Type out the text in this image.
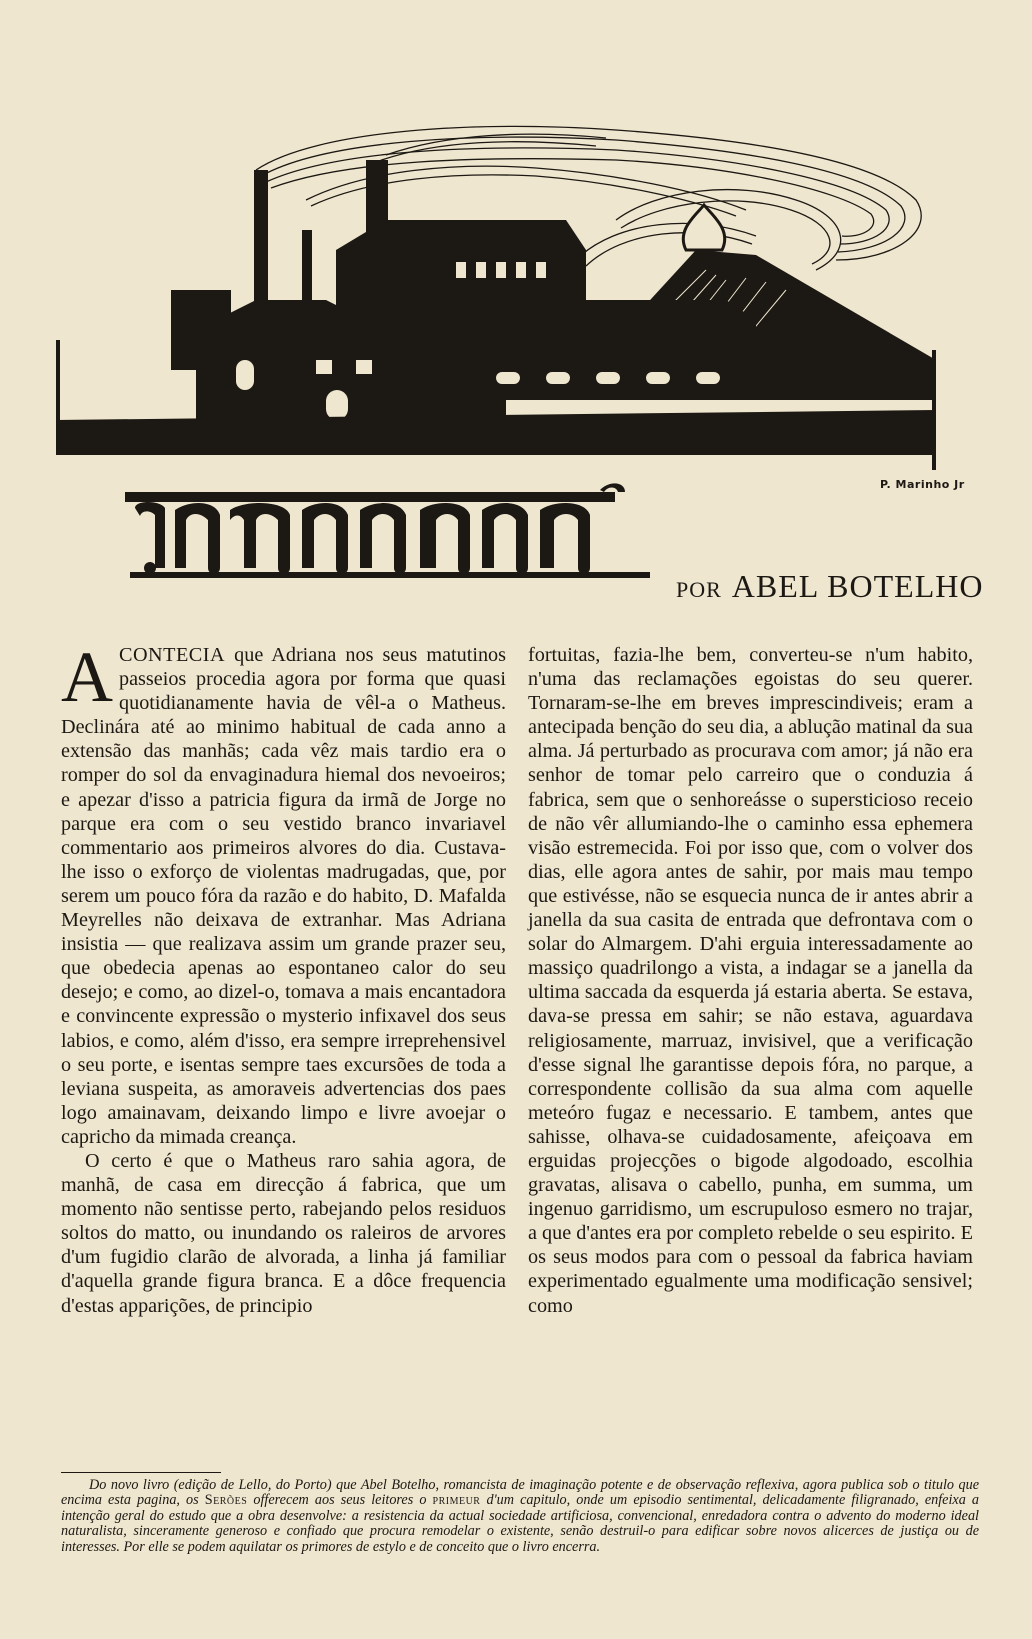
P. Marinho Jr
POR ABEL BOTELHO

ACONTECIA que Adriana nos seus matutinos passeios procedia agora por forma que quasi quotidianamente havia de vêl-a o Matheus. Declinára até ao minimo habitual de cada anno a extensão das manhãs; cada vêz mais tardio era o romper do sol da envaginadura hiemal dos nevoeiros; e apezar d'isso a patricia figura da irmã de Jorge no parque era com o seu vestido branco invariavel commentario aos primeiros alvores do dia. Custava-lhe isso o exforço de violentas madrugadas, que, por serem um pouco fóra da razão e do habito, D. Mafalda Meyrelles não deixava de extranhar. Mas Adriana insistia — que realizava assim um grande prazer seu, que obedecia apenas ao espontaneo calor do seu desejo; e como, ao dizel-o, tomava a mais encantadora e convincente expressão o mysterio infixavel dos seus labios, e como, além d'isso, era sempre irreprehensivel o seu porte, e isentas sempre taes excursões de toda a leviana suspeita, as amoraveis advertencias dos paes logo amainavam, deixando limpo e livre avoejar o capricho da mimada creança.

O certo é que o Matheus raro sahia agora, de manhã, de casa em direcção á fabrica, que um momento não sentisse perto, rabejando pelos residuos soltos do matto, ou inundando os raleiros de arvores d'um fugidio clarão de alvorada, a linha já familiar d'aquella grande figura branca. E a dôce frequencia d'estas apparições, de principio

fortuitas, fazia-lhe bem, converteu-se n'um habito, n'uma das reclamações egoistas do seu querer. Tornaram-se-lhe em breves imprescindiveis; eram a antecipada benção do seu dia, a ablução matinal da sua alma. Já perturbado as procurava com amor; já não era senhor de tomar pelo carreiro que o conduzia á fabrica, sem que o senhoreásse o supersticioso receio de não vêr allumiando-lhe o caminho essa ephemera visão estremecida. Foi por isso que, com o volver dos dias, elle agora antes de sahir, por mais mau tempo que estivésse, não se esquecia nunca de ir antes abrir a janella da sua casita de entrada que defrontava com o solar do Almargem. D'ahi erguia interessadamente ao massiço quadrilongo a vista, a indagar se a janella da ultima saccada da esquerda já estaria aberta. Se estava, dava-se pressa em sahir; se não estava, aguardava religiosamente, marruaz, invisivel, que a verificação d'esse signal lhe garantisse depois fóra, no parque, a correspondente collisão da sua alma com aquelle meteóro fugaz e necessario. E tambem, antes que sahisse, olhava-se cuidadosamente, afeiçoava em erguidas projecções o bigode algodoado, escolhia gravatas, alisava o cabello, punha, em summa, um ingenuo garridismo, um escrupuloso esmero no trajar, a que d'antes era por completo rebelde o seu espirito. E os seus modos para com o pessoal da fabrica haviam experimentado egualmente uma modificação sensivel; como

Do novo livro (edição de Lello, do Porto) que Abel Botelho, romancista de imaginação potente e de observação reflexiva, agora publica sob o titulo que encima esta pagina, os Serões offerecem aos seus leitores o primeur d'um capitulo, onde um episodio sentimental, delicadamente filigranado, enfeixa a intenção geral do estudo que a obra desenvolve: a resistencia da actual sociedade artificiosa, convencional, enredadora contra o advento do moderno ideal naturalista, sinceramente generoso e confiado que procura remodelar o existente, senão destruil-o para edificar sobre novos alicerces de justiça ou de interesses. Por elle se podem aquilatar os primores de estylo e de conceito que o livro encerra.
